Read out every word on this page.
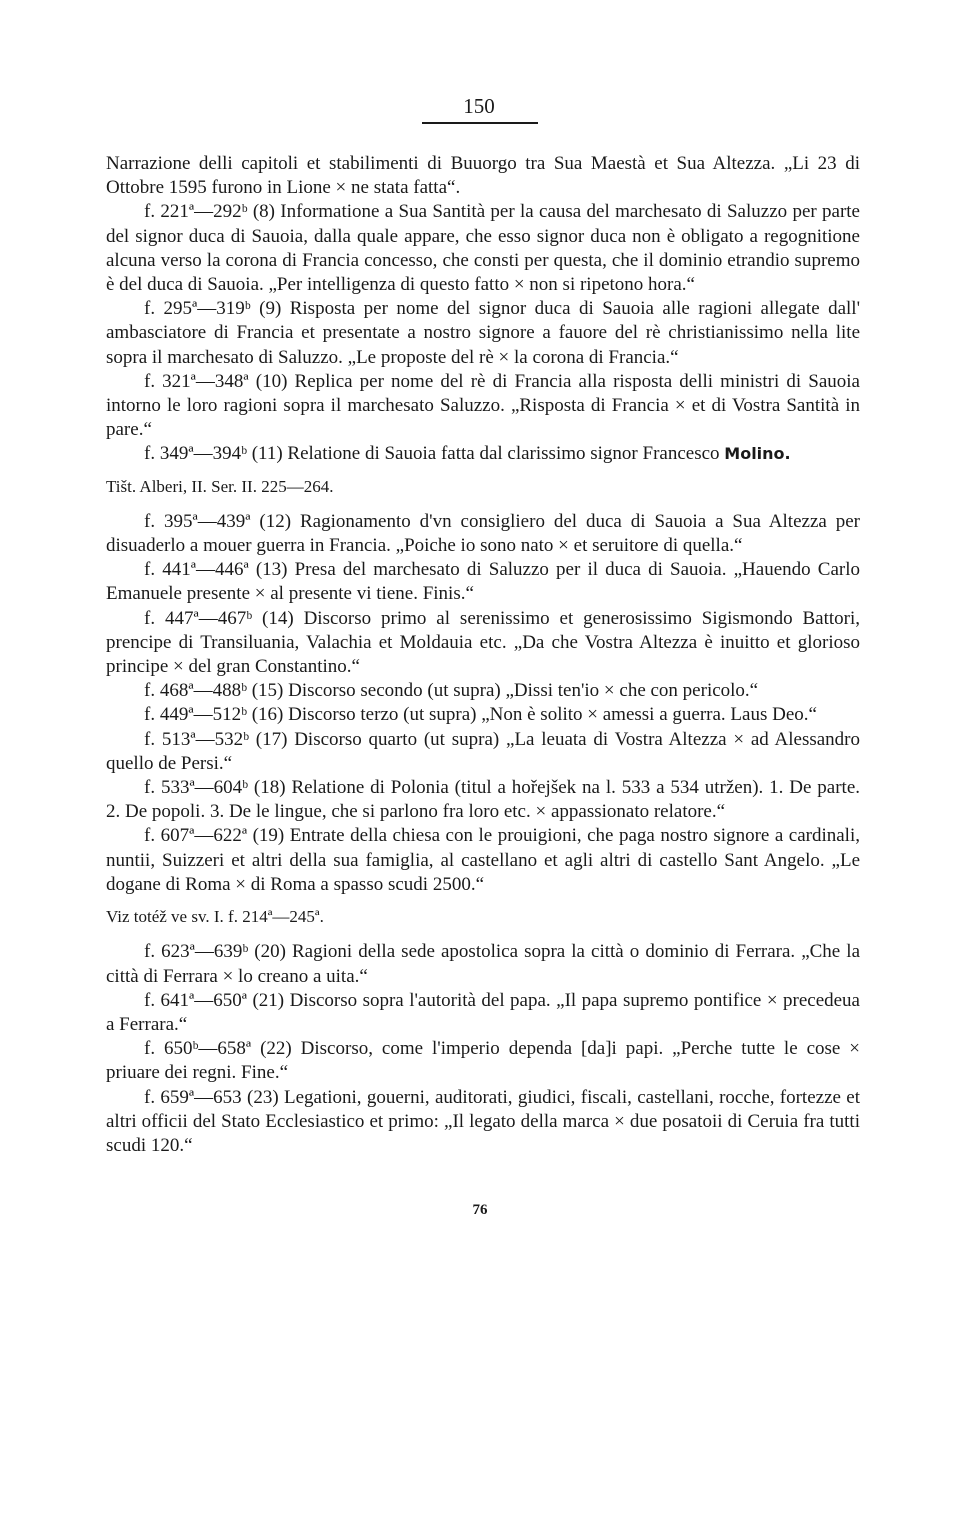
150

Narrazione delli capitoli et stabilimenti di Buuorgo tra Sua Maestà et Sua Altezza. „Li 23 di Ottobre 1595 furono in Lione × ne stata fatta“.

f. 221ª—292ᵇ (8) Informatione a Sua Santità per la causa del marchesato di Saluzzo per parte del signor duca di Sauoia, dalla quale appare, che esso signor duca non è obligato a regognitione alcuna verso la corona di Francia concesso, che consti per questa, che il dominio etrandio supremo è del duca di Sauoia. „Per intelligenza di questo fatto × non si ripetono hora.“

f. 295ª—319ᵇ (9) Risposta per nome del signor duca di Sauoia alle ragioni allegate dall' ambasciatore di Francia et presentate a nostro signore a fauore del rè christianissimo nella lite sopra il marchesato di Saluzzo. „Le proposte del rè × la corona di Francia.“

f. 321ª—348ª (10) Replica per nome del rè di Francia alla risposta delli ministri di Sauoia intorno le loro ragioni sopra il marchesato Saluzzo. „Risposta di Francia × et di Vostra Santità in pare.“

f. 349ª—394ᵇ (11) Relatione di Sauoia fatta dal clarissimo signor Francesco Molino.

Tišt. Alberi, II. Ser. II. 225—264.

f. 395ª—439ª (12) Ragionamento d'vn consigliero del duca di Sauoia a Sua Altezza per disuaderlo a mouer guerra in Francia. „Poiche io sono nato × et seruitore di quella.“

f. 441ª—446ª (13) Presa del marchesato di Saluzzo per il duca di Sauoia. „Hauendo Carlo Emanuele presente × al presente vi tiene. Finis.“

f. 447ª—467ᵇ (14) Discorso primo al serenissimo et generosissimo Sigismondo Battori, prencipe di Transiluania, Valachia et Moldauia etc. „Da che Vostra Altezza è inuitto et glorioso principe × del gran Constantino.“

f. 468ª—488ᵇ (15) Discorso secondo (ut supra) „Dissi ten'io × che con pericolo.“

f. 449ª—512ᵇ (16) Discorso terzo (ut supra) „Non è solito × amessi a guerra. Laus Deo.“

f. 513ª—532ᵇ (17) Discorso quarto (ut supra) „La leuata di Vostra Altezza × ad Alessandro quello de Persi.“

f. 533ª—604ᵇ (18) Relatione di Polonia (titul a hořejšek na l. 533 a 534 utržen). 1. De parte. 2. De popoli. 3. De le lingue, che si parlono fra loro etc. × appassionato relatore.“

f. 607ª—622ª (19) Entrate della chiesa con le prouigioni, che paga nostro signore a cardinali, nuntii, Suizzeri et altri della sua famiglia, al castellano et agli altri di castello Sant Angelo. „Le dogane di Roma × di Roma a spasso scudi 2500.“

Viz totéž ve sv. I. f. 214ª—245ª.

f. 623ª—639ᵇ (20) Ragioni della sede apostolica sopra la città o dominio di Ferrara. „Che la città di Ferrara × lo creano a uita.“

f. 641ª—650ª (21) Discorso sopra l'autorità del papa. „Il papa supremo pontifice × precedeua a Ferrara.“

f. 650ᵇ—658ª (22) Discorso, come l'imperio dependa [da]i papi. „Perche tutte le cose × priuare dei regni. Fine.“

f. 659ª—653 (23) Legationi, gouerni, auditorati, giudici, fiscali, castellani, rocche, fortezze et altri officii del Stato Ecclesiastico et primo: „Il legato della marca × due posatoii di Ceruia fra tutti scudi 120.“

76
